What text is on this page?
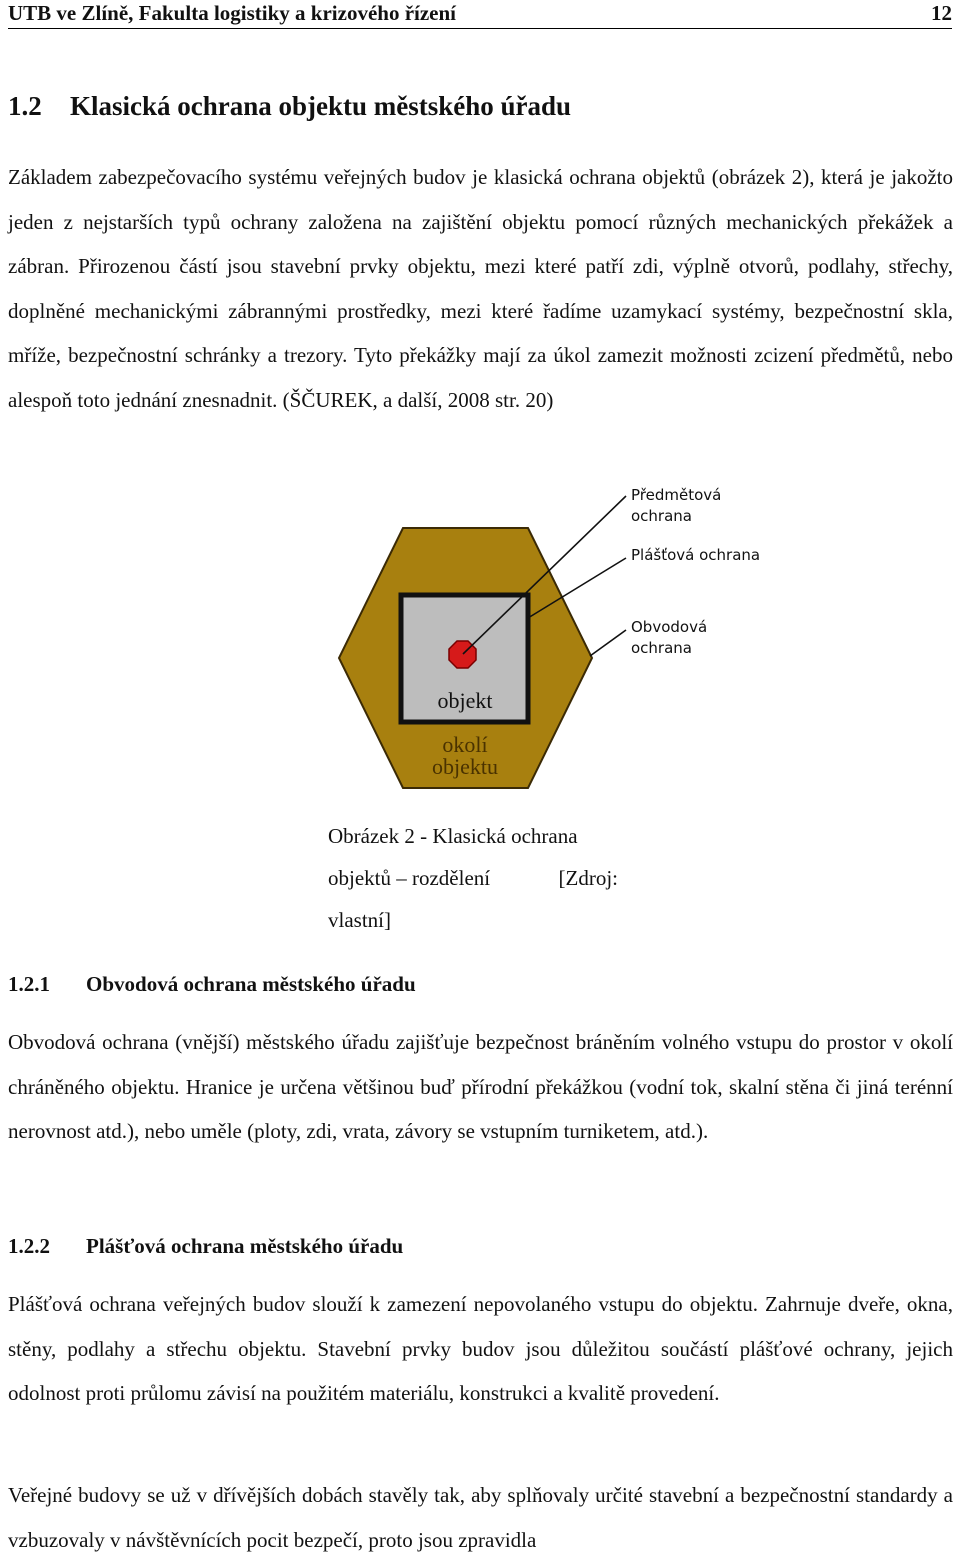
UTB ve Zlíně, Fakulta logistiky a krizového řízení	12
1.2 Klasická ochrana objektu městského úřadu

Základem zabezpečovacího systému veřejných budov je klasická ochrana objektů (obrázek 2), která je jakožto jeden z nejstarších typů ochrany založena na zajištění objektu pomocí různých mechanických překážek a zábran. Přirozenou částí jsou stavební prvky objektu, mezi které patří zdi, výplně otvorů, podlahy, střechy, doplněné mechanickými zábrannými prostředky, mezi které řadíme uzamykací systémy, bezpečnostní skla, mříže, bezpečnostní schránky a trezory. Tyto překážky mají za úkol zamezit možnosti zcizení předmětů, nebo alespoň toto jednání znesnadnit. (ŠČUREK, a další, 2008 str. 20)

Předmětová ochrana
Plášťová ochrana
Obvodová ochrana
objekt
okolí
objektu
Obrázek 2 - Klasická ochrana
objektů – rozdělení	[Zdroj:
vlastní]
1.2.1 Obvodová ochrana městského úřadu

Obvodová ochrana (vnější) městského úřadu zajišťuje bezpečnost bráněním volného vstupu do prostor v okolí chráněného objektu. Hranice je určena většinou buď přírodní překážkou (vodní tok, skalní stěna či jiná terénní nerovnost atd.), nebo uměle (ploty, zdi, vrata, závory se vstupním turniketem, atd.).

1.2.2 Plášťová ochrana městského úřadu

Plášťová ochrana veřejných budov slouží k zamezení nepovolaného vstupu do objektu. Zahrnuje dveře, okna, stěny, podlahy a střechu objektu. Stavební prvky budov jsou důležitou součástí plášťové ochrany, jejich odolnost proti průlomu závisí na použitém materiálu, konstrukci a kvalitě provedení.

Veřejné budovy se už v dřívějších dobách stavěly tak, aby splňovaly určité stavební a bezpečnostní standardy a vzbuzovaly v návštěvnících pocit bezpečí, proto jsou zpravidla
